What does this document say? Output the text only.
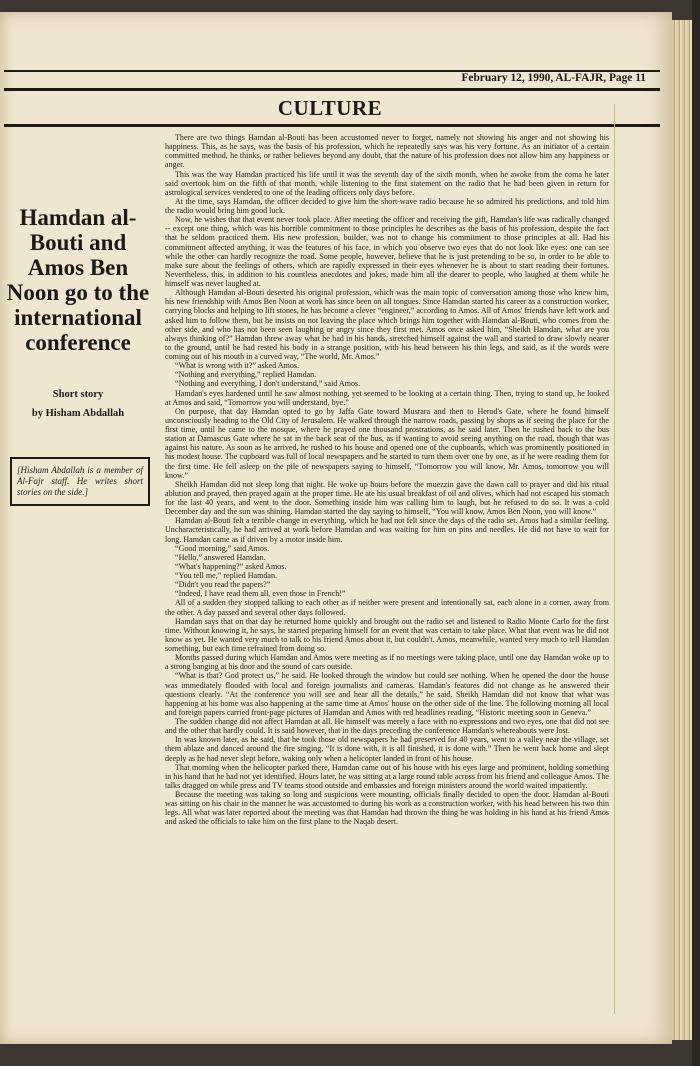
February 12, 1990, AL-FAJR, Page 11
CULTURE
Hamdan al-Bouti and Amos Ben Noon go to the international conference
Short story
by Hisham Abdallah
[Hisham Abdallah is a member of Al-Fajr staff. He writes short stories on the side.]

There are two things Hamdan al-Bouti has been accustomed never to forget, namely not showing his anger and not showing his happiness. This, as he says, was the basis of his profession, which he repeatedly says was his very fortune. As an initiator of a certain committed method, he thinks, or rather believes beyond any doubt, that the nature of his profession does not allow him any happiness or anger.

This was the way Hamdan practiced his life until it was the seventh day of the sixth month, when he awoke from the coma he later said overtook him on the fifth of that month, while listening to the first statement on the radio that he had been given in return for astrological services vendered to one of the leading officers only days before.

At the time, says Hamdan, the officer decided to give him the short-wave radio because he so admired his predictions, and told him the radio would bring him good luck.

Now, he wishes that that event never took place. After meeting the officer and receiving the gift, Hamdan's life was radically changed -- except one thing, which was his horrible commitment to those principles he describes as the basis of his profession, despite the fact that he seldom practiced them. His new profession, builder, was not to change his commitment to those principles at all. Had his commitment affected anything, it was the features of his face, in which you observe two eyes that do not look like eyes: one can see while the other can hardly recognize the road. Some people, however, believe that he is just pretending to be so, in order to be able to make sure about the feelings of others, which are rapidly expressed in their eyes whenever he is about to start reading their fortunes. Nevertheless, this, in addition to his countless anecdotes and jokes, made him all the dearer to people, who laughed at them while he himself was never laughed at.

Although Hamdan al-Bouti deserted his original profession, which was the main topic of conversation among those who knew him, his new friendship with Amos Ben Noon at work has since been on all tongues. Since Hamdan started his career as a construction worker, carrying blocks and helping to lift stones, he has become a clever “engineer,” according to Amos. All of Amos' friends have left work and asked him to follow them, but he insists on not leaving the place which brings him together with Hamdan al-Bouti, who comes from the other side, and who has not been seen laughing or angry since they first met. Amos once asked him, “Sheikh Hamdan, what are you always thinking of?” Hamdan threw away what he had in his hands, stretched himself against the wall and started to draw slowly nearer to the ground, until he had rested his body in a strange position, with his head between his thin legs, and said, as if the words were coming out of his mouth in a curved way, “The world, Mr. Amos.”

“What is wrong with it?” asked Amos.

“Nothing and everything,” replied Hamdan.

“Nothing and everything, I don't understand,” said Amos.

Hamdan's eyes hardened until he saw almost nothing, yet seemed to be looking at a certain thing. Then, trying to stand up, he looked at Amos and said, “Tomorrow you will understand, bye.”

On purpose, that day Hamdan opted to go by Jaffa Gate toward Musrara and then to Herod's Gate, where he found himself unconsciously heading to the Old City of Jerusalem. He walked through the narrow roads, passing by shops as if seeing the place for the first time, until he came to the mosque, where he prayed one thousand prostrations, as he said later. Then he rushed back to the bus station at Damascus Gate where he sat in the back seat of the bus, as if wanting to avoid seeing anything on the road, though that was against his nature. As soon as he arrived, he rushed to his house and opened one of the cupboards, which was prominently positioned in his modest house. The cupboard was full of local newspapers and he started to turn them over one by one, as if he were reading them for the first time. He fell asleep on the pile of newspapers saying to himself, “Tomorrow you will know, Mr. Amos, tomorrow you will know.”

Sheikh Hamdan did not sleep long that night. He woke up hours before the muezzin gave the dawn call to prayer and did his ritual ablution and prayed, then prayed again at the proper time. He ate his usual breakfast of oil and olives, which had not escaped his stomach for the last 40 years, and went to the door. Something inside him was calling him to laugh, but he refused to do so. It was a cold December day and the sun was shining. Hamdan started the day saying to himself, “You will know, Amos Ben Noon, you will know.”

Hamdan al-Bouti felt a terrible change in everything, which he had not felt since the days of the radio set. Amos had a similar feeling. Uncharacteristically, he had arrived at work before Hamdan and was waiting for him on pins and needles. He did not have to wait for long. Hamdan came as if driven by a motor inside him.

“Good morning,” said Amos.

“Hello,” answered Hamdan.

“What's happening?” asked Amos.

“You tell me,” replied Hamdan.

“Didn't you read the papers?”

“Indeed, I have read them all, even those in French!”

All of a sudden they stopped talking to each other as if neither were present and intentionally sat, each alone in a corner, away from the other. A day passed and several other days followed.

Hamdan says that on that day he returned home quickly and brought out the radio set and listened to Radio Monte Carlo for the first time. Without knowing it, he says, he started preparing himself for an event that was certain to take place. What that event was he did not know as yet. He wanted very much to talk to his friend Amos about it, but couldn't. Amos, meanwhile, wanted very much to tell Hamdan something, but each time refrained from doing so.

Months passed during which Hamdan and Amos were meeting as if no meetings were taking place, until one day Hamdan woke up to a strong banging at his door and the sound of cars outside.

“What is that? God protect us,” he said. He looked through the window but could see nothing. When he opened the door the house was immediately flooded with local and foreign journalists and cameras. Hamdan's features did not change as he answered their questions clearly. “At the conference you will see and hear all the details,” he said. Sheikh Hamdan did not know that what was happening at his home was also happening at the same time at Amos' house on the other side of the line. The following morning all local and foreign papers carried front-page pictures of Hamdan and Amos with red headlines reading, “Historic meeting soon in Geneva.”

The sudden change did not affect Hamdan at all. He himself was merely a face with no expressions and two eyes, one that did not see and the other that hardly could. It is said however, that in the days preceding the conference Hamdan's whereabouts were lost.

In was known later, as he said, that he took those old newspapers he had preserved for 40 years, went to a valley near the village, set them ablaze and danced around the fire singing, “It is done with, it is all finished, it is done with.” Then he went back home and slept deeply as he had never slept before, waking only when a helicopter landed in front of his house.

That morning when the helicopter parked there, Hamdan came out of his house with his eyes large and prominent, holding something in his hand that he had not yet identified. Hours later, he was sitting at a large round table across from his friend and colleague Amos. The talks dragged on while press and TV teams stood outside and embassies and foreign ministers around the world waited impatiently.

Because the meeting was taking so long and suspicions were mounting, officials finally decided to open the door. Hamdan al-Bouti was sitting on his chair in the manner he was accustomed to during his work as a construction worker, with his head between his two thin legs. All what was later reported about the meeting was that Hamdan had thrown the thing he was holding in his hand at his friend Amos and asked the officials to take him on the first plane to the Naqab desert.
